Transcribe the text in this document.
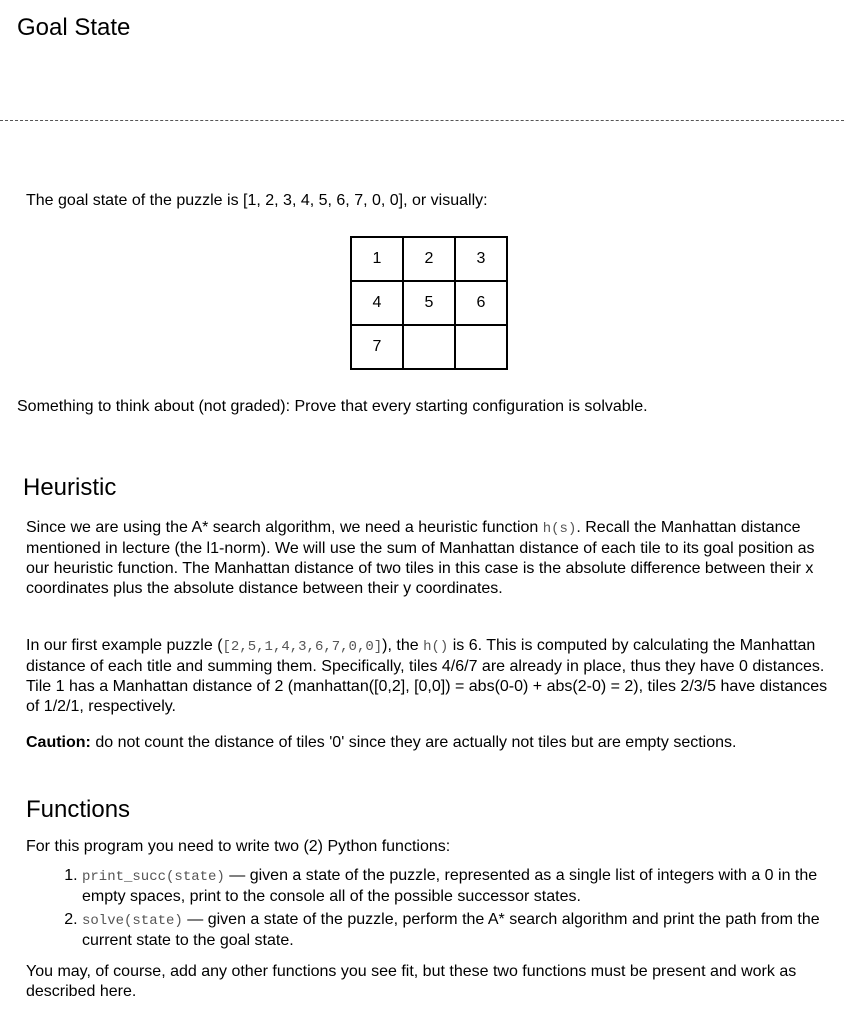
Goal State

The goal state of the puzzle is [1, 2, 3, 4, 5, 6, 7, 0, 0], or visually:

1	2	3
4	5	6
7		

Something to think about (not graded): Prove that every starting configuration is solvable.

Heuristic

Since we are using the A* search algorithm, we need a heuristic function h(s). Recall the Manhattan distance mentioned in lecture (the l1-norm). We will use the sum of Manhattan distance of each tile to its goal position as our heuristic function. The Manhattan distance of two tiles in this case is the absolute difference between their x coordinates plus the absolute distance between their y coordinates.

In our first example puzzle ([2,5,1,4,3,6,7,0,0]), the h() is 6. This is computed by calculating the Manhattan distance of each title and summing them. Specifically, tiles 4/6/7 are already in place, thus they have 0 distances. Tile 1 has a Manhattan distance of 2 (manhattan([0,2], [0,0]) = abs(0-0) + abs(2-0) = 2), tiles 2/3/5 have distances of 1/2/1, respectively.

Caution: do not count the distance of tiles '0' since they are actually not tiles but are empty sections.

Functions

For this program you need to write two (2) Python functions:

1. print_succ(state) — given a state of the puzzle, represented as a single list of integers with a 0 in the empty spaces, print to the console all of the possible successor states.
2. solve(state) — given a state of the puzzle, perform the A* search algorithm and print the path from the current state to the goal state.

You may, of course, add any other functions you see fit, but these two functions must be present and work as described here.
